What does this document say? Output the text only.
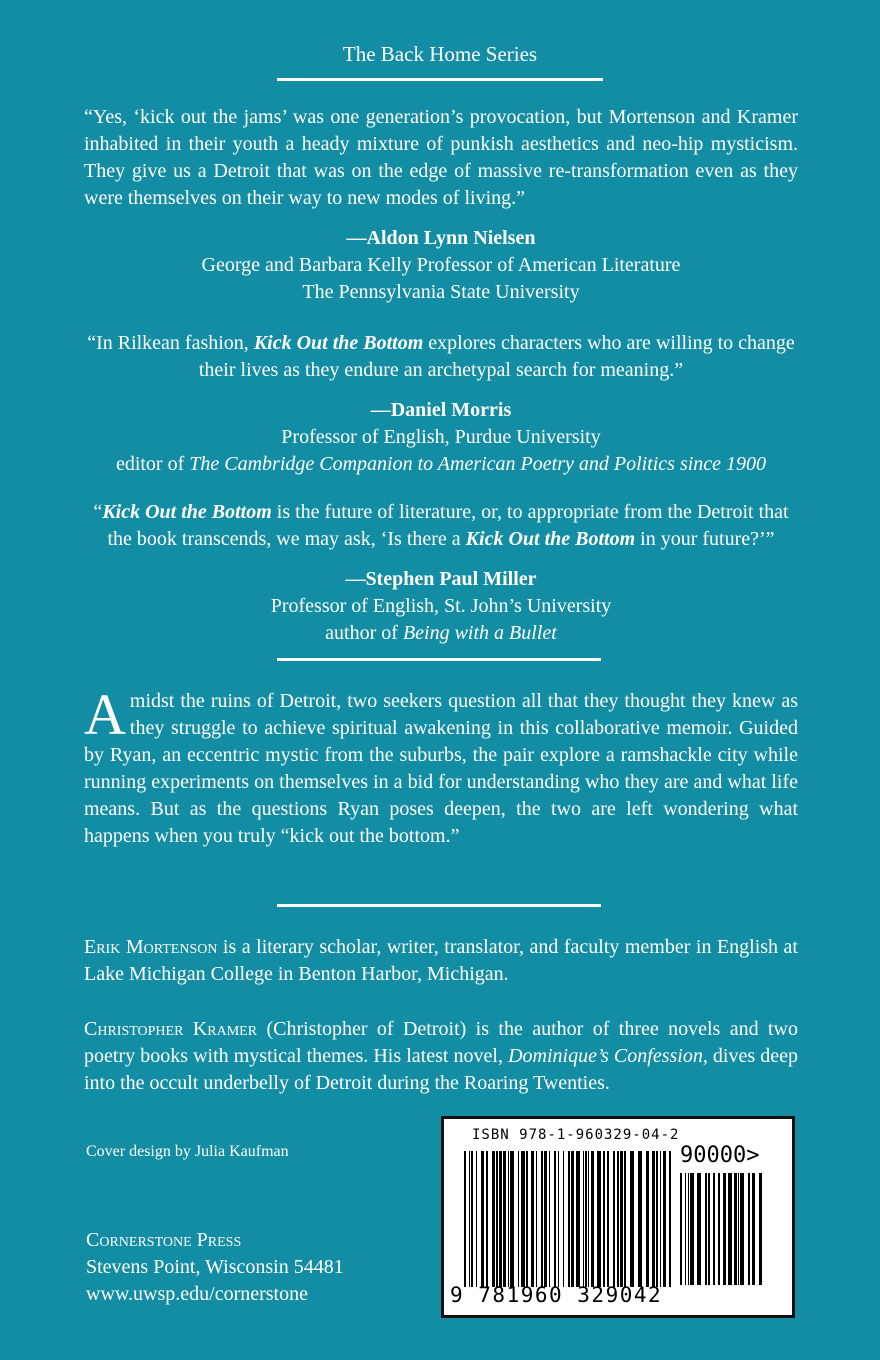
The Back Home Series
“Yes, ‘kick out the jams’ was one generation’s provocation, but Mortenson and Kramer inhabited in their youth a heady mixture of punkish aesthetics and neo-hip mysticism. They give us a Detroit that was on the edge of massive re-transformation even as they were themselves on their way to new modes of living.”
—Aldon Lynn Nielsen
George and Barbara Kelly Professor of American Literature
The Pennsylvania State University
“In Rilkean fashion, Kick Out the Bottom explores characters who are willing to change their lives as they endure an archetypal search for meaning.”
—Daniel Morris
Professor of English, Purdue University
editor of The Cambridge Companion to American Poetry and Politics since 1900
“Kick Out the Bottom is the future of literature, or, to appropriate from the Detroit that the book transcends, we may ask, ‘Is there a Kick Out the Bottom in your future?’”
—Stephen Paul Miller
Professor of English, St. John’s University
author of Being with a Bullet
Amidst the ruins of Detroit, two seekers question all that they thought they knew as they struggle to achieve spiritual awakening in this collaborative memoir. Guided by Ryan, an eccentric mystic from the suburbs, the pair explore a ramshackle city while running experiments on themselves in a bid for understanding who they are and what life means. But as the questions Ryan poses deepen, the two are left wondering what happens when you truly “kick out the bottom.”
Erik Mortenson is a literary scholar, writer, translator, and faculty member in English at Lake Michigan College in Benton Harbor, Michigan.
Christopher Kramer (Christopher of Detroit) is the author of three novels and two poetry books with mystical themes. His latest novel, Dominique’s Confession, dives deep into the occult underbelly of Detroit during the Roaring Twenties.
Cover design by Julia Kaufman
Cornerstone Press
Stevens Point, Wisconsin 54481
www.uwsp.edu/cornerstone
ISBN 978-1-960329-04-2
90000>
9 781960 329042
